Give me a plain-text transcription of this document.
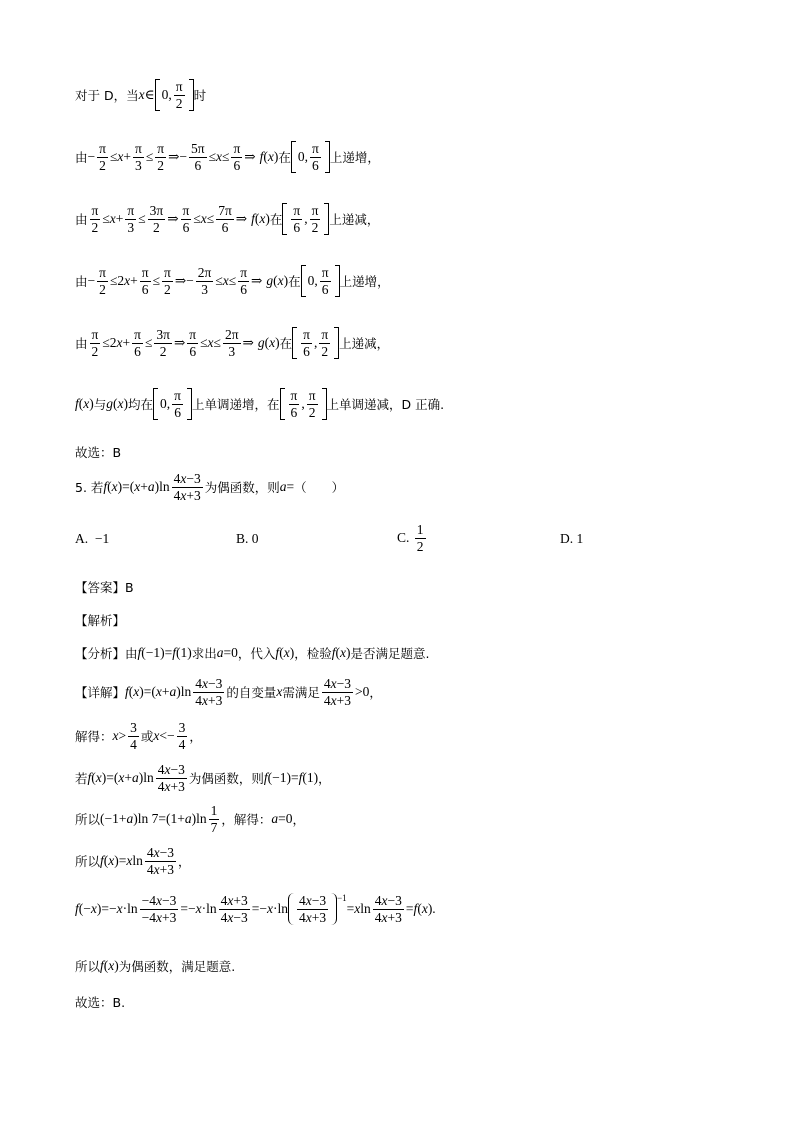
对于 D，当 x ∈ 0,
π
2 时
由 −
π
2
≤ x +
π
3
≤
π
2
⇒−
5π
6
≤ x ≤
π
6
⇒ f ( x ) 在 0,
π
6 上递增，
由
π
2
≤ x +
π
3
≤
3π
2
⇒
π
6
≤ x ≤
7π
6
⇒ f ( x ) 在
π
6
,
π
2 上递减，
由 −
π
2
≤2 x +
π
6
≤
π
2
⇒−
2π
3
≤ x ≤
π
6
⇒ g ( x ) 在 0,
π
6 上递增，
由
π
2
≤2 x +
π
6
≤
3π
2
⇒
π
6
≤ x ≤
2π
3
⇒ g ( x ) 在
π
6
,
π
2 上递减，
f ( x ) 与 g ( x ) 均在 0,
π
6 上单调递增，在
π
6
,
π
2 上单调递减，D 正确.
故选：B
5. 若 f ( x )=( x + a )ln
4x−3
4x+3 为偶函数，则 a = （　　）
A.
−1	B. 0	C.

1
2
D. 1
【答案】B
【解析】
【分析】由 f (−1)= f (1) 求出 a =0 ，代入 f ( x ) ，检验 f ( x ) 是否满足题意.
【详解】 f ( x )=( x + a )ln
4x−3
4x+3 的自变量 x 需满足
4x−3
4x+3
>0 ，
解得： x >
3
4 或 x <−
3
4 ，
若 f ( x )=( x + a )ln
4x−3
4x+3 为偶函数，则 f (−1)= f (1) ，
所以 (−1+ a )ln 7=(1+ a )ln
1
7 ，解得： a =0 ，
所以 f ( x )= x ln
4x−3
4x+3 ，
f (− x )=− x ·ln
−4x−3
−4x+3
=− x ·ln
4x+3
4x−3
=− x ·ln
4x−3
4x+3
$^{-1}$
= x ln
4x−3
4x+3
= f ( x ).
所以 f ( x ) 为偶函数，满足题意.
故选：B.
